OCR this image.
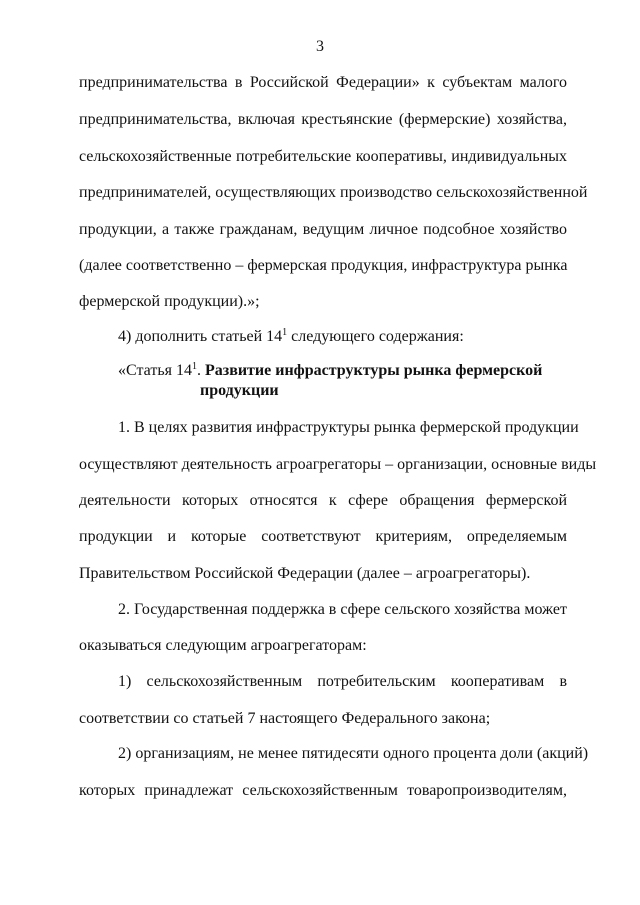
3
предпринимательства в Российской Федерации» к субъектам малого
предпринимательства, включая крестьянские (фермерские) хозяйства,
сельскохозяйственные потребительские кооперативы, индивидуальных
предпринимателей, осуществляющих производство сельскохозяйственной
продукции, а также гражданам, ведущим личное подсобное хозяйство
(далее соответственно – фермерская продукция, инфраструктура рынка
фермерской продукции).»;
4) дополнить статьей $14^1$ следующего содержания:
«Статья $14^1$. Развитие инфраструктуры рынка фермерской
продукции
1. В целях развития инфраструктуры рынка фермерской продукции
осуществляют деятельность агроагрегаторы – организации, основные виды
деятельности которых относятся к сфере обращения фермерской
продукции и которые соответствуют критериям, определяемым
Правительством Российской Федерации (далее – агроагрегаторы).
2. Государственная поддержка в сфере сельского хозяйства может
оказываться следующим агроагрегаторам:
1) сельскохозяйственным потребительским кооперативам в
соответствии со статьей 7 настоящего Федерального закона;
2) организациям, не менее пятидесяти одного процента доли (акций)
которых принадлежат сельскохозяйственным товаропроизводителям,
